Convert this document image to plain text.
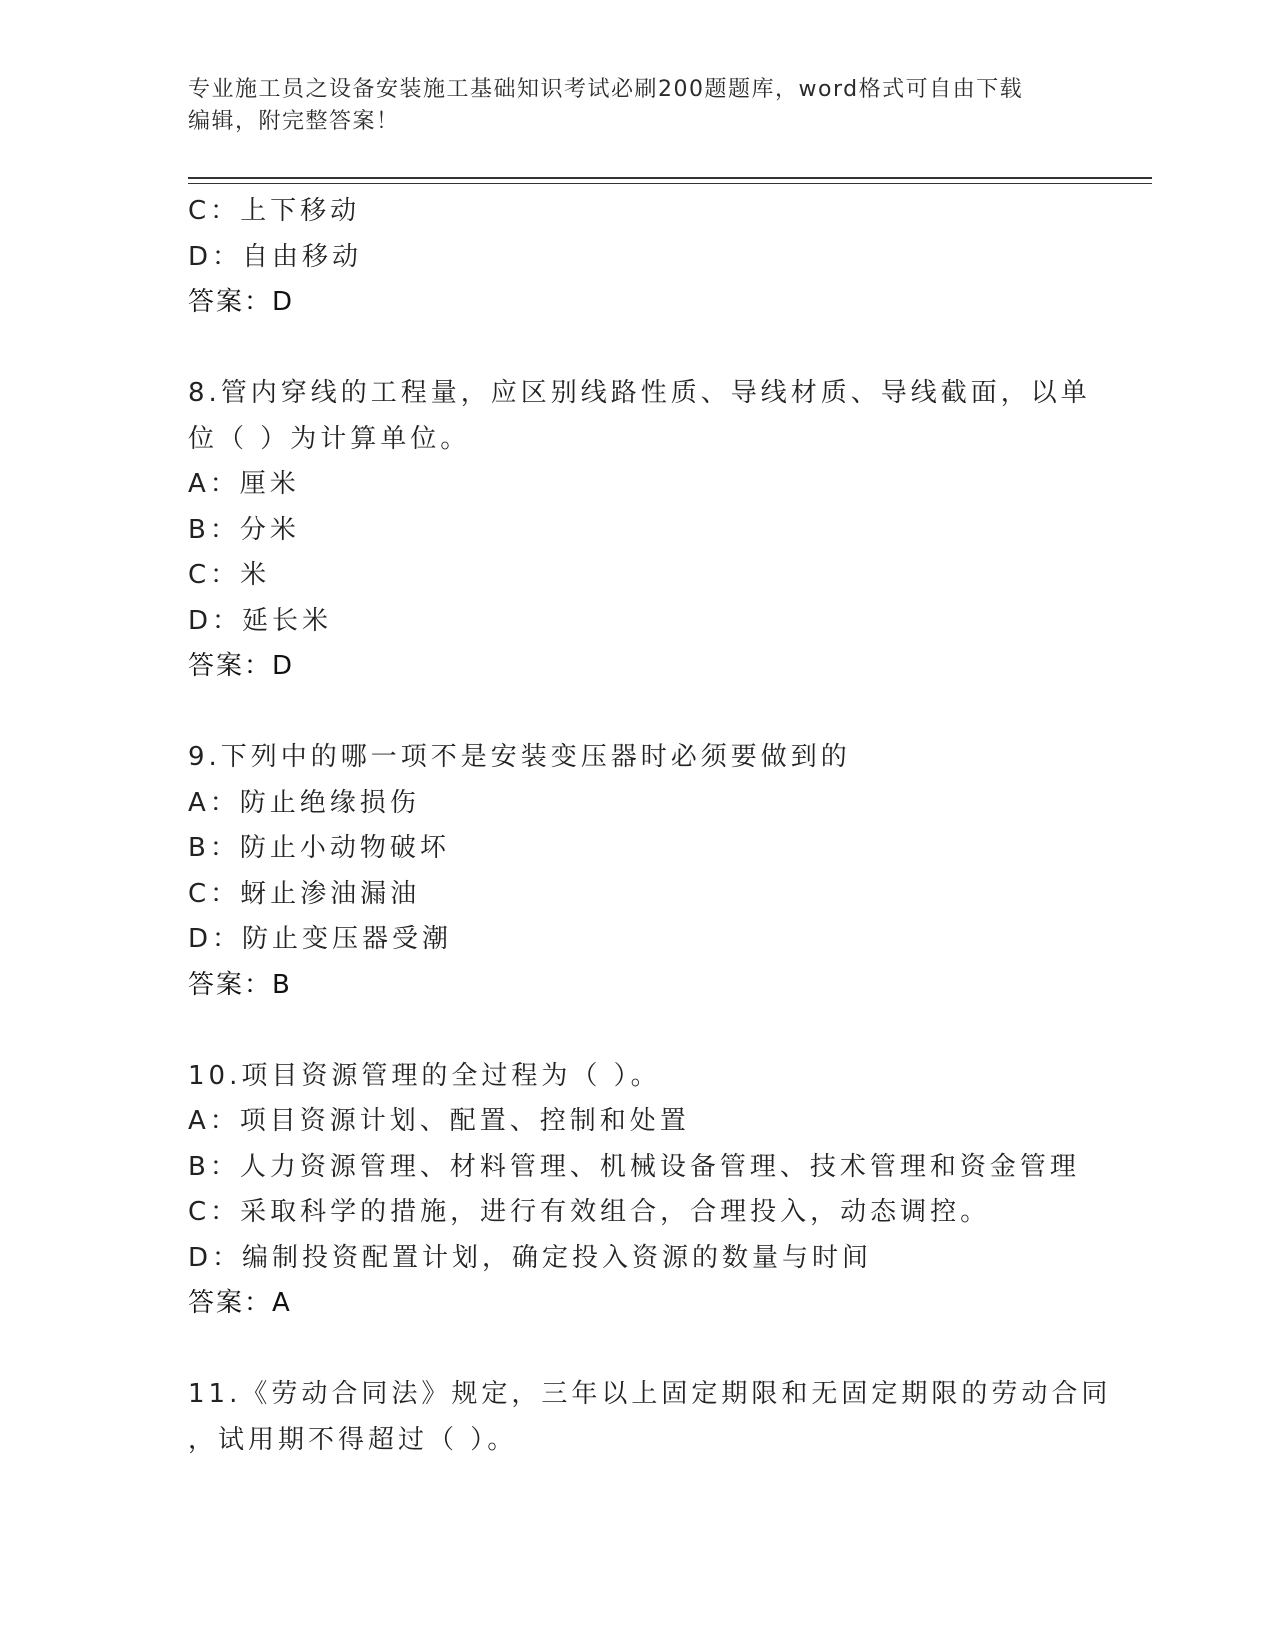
专业施工员之设备安装施工基础知识考试必刷200题题库，word格式可自由下载
编辑，附完整答案！
C：上下移动
D：自由移动
答案：D
8.管内穿线的工程量，应区别线路性质、导线材质、导线截面，以单
位（ ）为计算单位。
A：厘米
B：分米
C：米
D：延长米
答案：D
9.下列中的哪一项不是安装变压器时必须要做到的
A：防止绝缘损伤
B：防止小动物破坏
C：蚜止渗油漏油
D：防止变压器受潮
答案：B
10.项目资源管理的全过程为（ ）。
A：项目资源计划、配置、控制和处置
B：人力资源管理、材料管理、机械设备管理、技术管理和资金管理
C：采取科学的措施，进行有效组合，合理投入，动态调控。
D：编制投资配置计划，确定投入资源的数量与时间
答案：A
11.《劳动合同法》规定，三年以上固定期限和无固定期限的劳动合同
，试用期不得超过（ ）。
